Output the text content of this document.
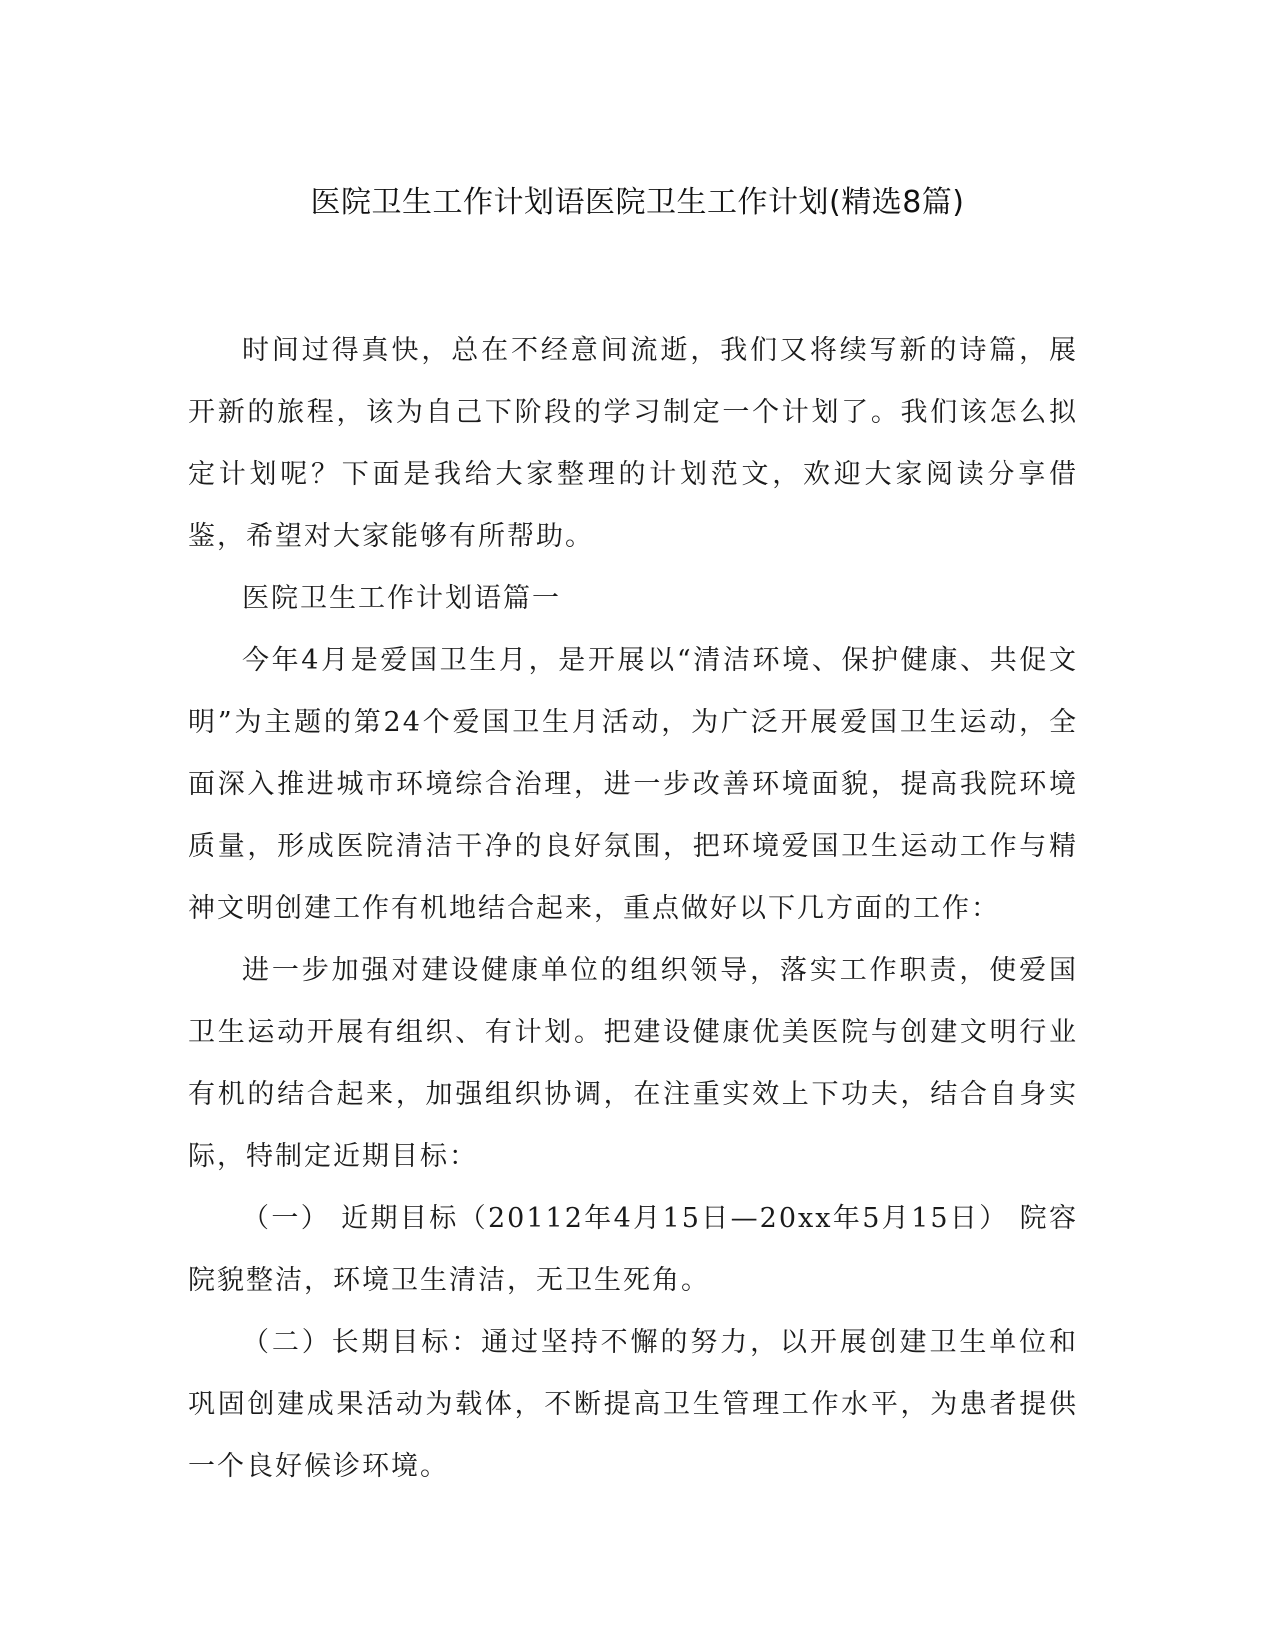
医院卫生工作计划语医院卫生工作计划(精选8篇)

时间过得真快，总在不经意间流逝，我们又将续写新的诗篇，展开新的旅程，该为自己下阶段的学习制定一个计划了。我们该怎么拟定计划呢？下面是我给大家整理的计划范文，欢迎大家阅读分享借鉴，希望对大家能够有所帮助。

医院卫生工作计划语篇一

今年4月是爱国卫生月，是开展以“清洁环境、保护健康、共促文明”为主题的第24个爱国卫生月活动，为广泛开展爱国卫生运动，全面深入推进城市环境综合治理，进一步改善环境面貌，提高我院环境质量，形成医院清洁干净的良好氛围，把环境爱国卫生运动工作与精神文明创建工作有机地结合起来，重点做好以下几方面的工作：

进一步加强对建设健康单位的组织领导，落实工作职责，使爱国卫生运动开展有组织、有计划。把建设健康优美医院与创建文明行业有机的结合起来，加强组织协调，在注重实效上下功夫，结合自身实际，特制定近期目标：

（一） 近期目标（20112年4月15日—20xx年5月15日） 院容院貌整洁，环境卫生清洁，无卫生死角。

（二）长期目标：通过坚持不懈的努力，以开展创建卫生单位和巩固创建成果活动为载体，不断提高卫生管理工作水平，为患者提供一个良好候诊环境。
